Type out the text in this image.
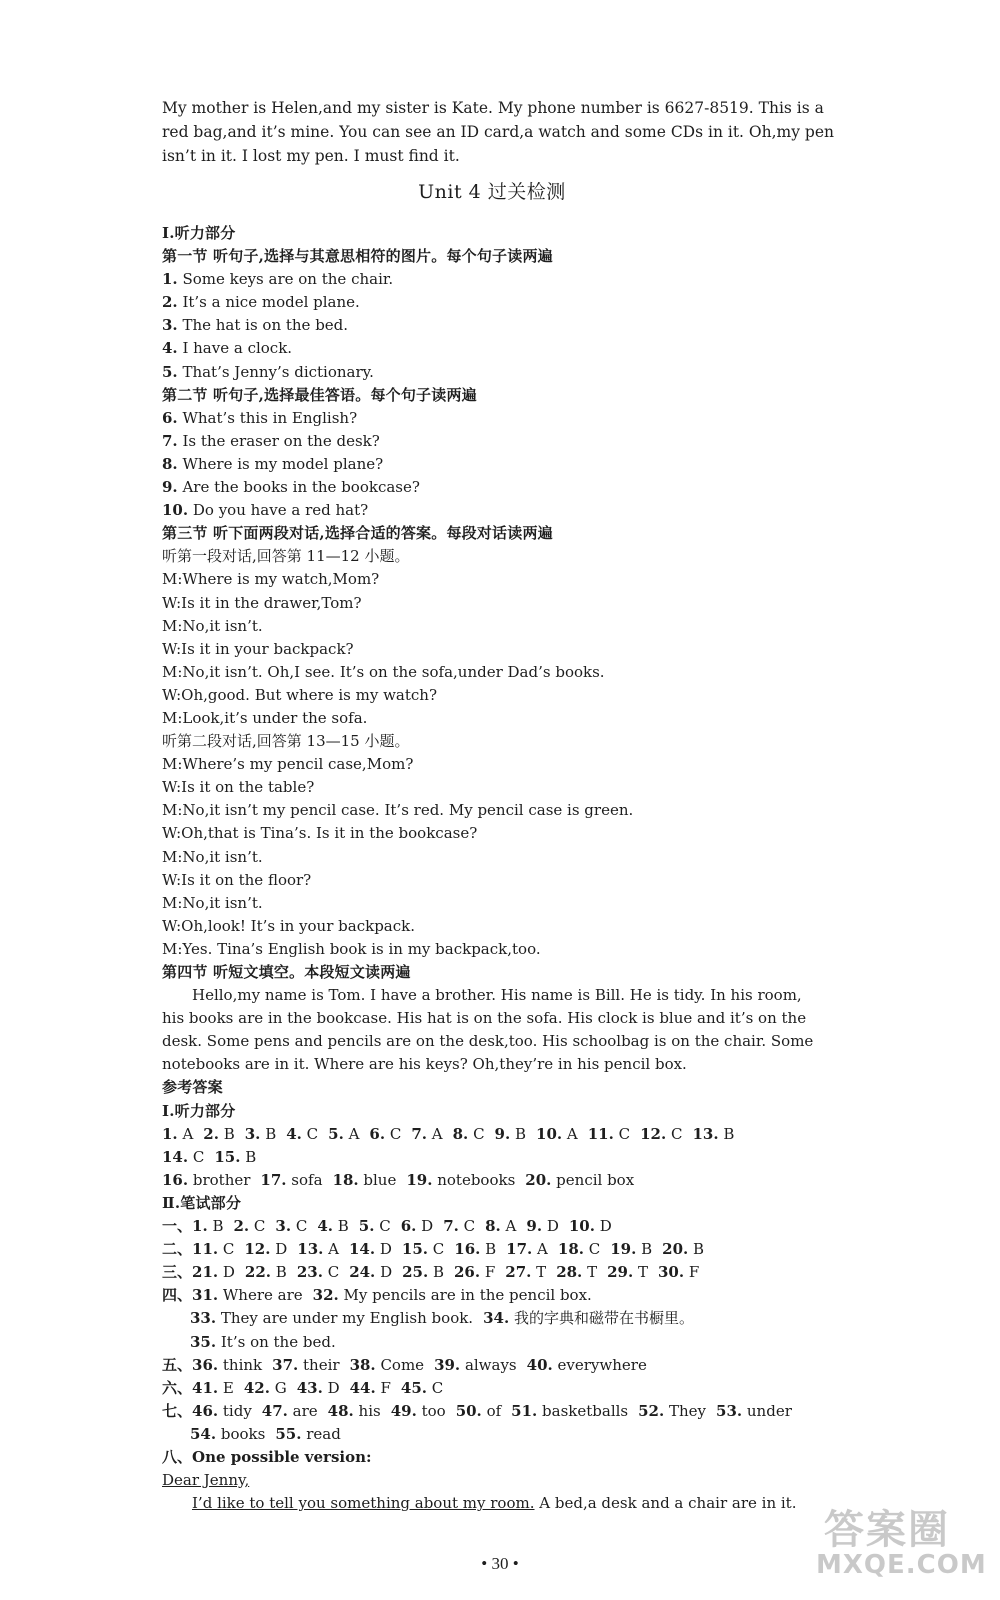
My mother is Helen,and my sister is Kate. My phone number is 6627-8519. This is a
red bag,and it’s mine. You can see an ID card,a watch and some CDs in it. Oh,my pen
isn’t in it. I lost my pen. I must find it.
Unit 4 过关检测
Ⅰ.听力部分
第一节 听句子,选择与其意思相符的图片。每个句子读两遍
1. Some keys are on the chair.
2. It’s a nice model plane.
3. The hat is on the bed.
4. I have a clock.
5. That’s Jenny’s dictionary.
第二节 听句子,选择最佳答语。每个句子读两遍
6. What’s this in English?
7. Is the eraser on the desk?
8. Where is my model plane?
9. Are the books in the bookcase?
10. Do you have a red hat?
第三节 听下面两段对话,选择合适的答案。每段对话读两遍
听第一段对话,回答第 11—12 小题。
M:Where is my watch,Mom?
W:Is it in the drawer,Tom?
M:No,it isn’t.
W:Is it in your backpack?
M:No,it isn’t. Oh,I see. It’s on the sofa,under Dad’s books.
W:Oh,good. But where is my watch?
M:Look,it’s under the sofa.
听第二段对话,回答第 13—15 小题。
M:Where’s my pencil case,Mom?
W:Is it on the table?
M:No,it isn’t my pencil case. It’s red. My pencil case is green.
W:Oh,that is Tina’s. Is it in the bookcase?
M:No,it isn’t.
W:Is it on the floor?
M:No,it isn’t.
W:Oh,look! It’s in your backpack.
M:Yes. Tina’s English book is in my backpack,too.
第四节 听短文填空。本段短文读两遍
Hello,my name is Tom. I have a brother. His name is Bill. He is tidy. In his room,
his books are in the bookcase. His hat is on the sofa. His clock is blue and it’s on the
desk. Some pens and pencils are on the desk,too. His schoolbag is on the chair. Some
notebooks are in it. Where are his keys? Oh,they’re in his pencil box.
参考答案
Ⅰ.听力部分
1. A 2. B 3. B 4. C 5. A 6. C 7. A 8. C 9. B 10. A 11. C 12. C 13. B
14. C 15. B
16. brother 17. sofa 18. blue 19. notebooks 20. pencil box
Ⅱ.笔试部分
一、1. B 2. C 3. C 4. B 5. C 6. D 7. C 8. A 9. D 10. D
二、11. C 12. D 13. A 14. D 15. C 16. B 17. A 18. C 19. B 20. B
三、21. D 22. B 23. C 24. D 25. B 26. F 27. T 28. T 29. T 30. F
四、31. Where are 32. My pencils are in the pencil box.
33. They are under my English book. 34. 我的字典和磁带在书橱里。
35. It’s on the bed.
五、36. think 37. their 38. Come 39. always 40. everywhere
六、41. E 42. G 43. D 44. F 45. C
七、46. tidy 47. are 48. his 49. too 50. of 51. basketballs 52. They 53. under
54. books 55. read
八、One possible version:
Dear Jenny,
I’d like to tell you something about my room. A bed,a desk and a chair are in it.
• 30 •
答案圈
MXQE.COM
